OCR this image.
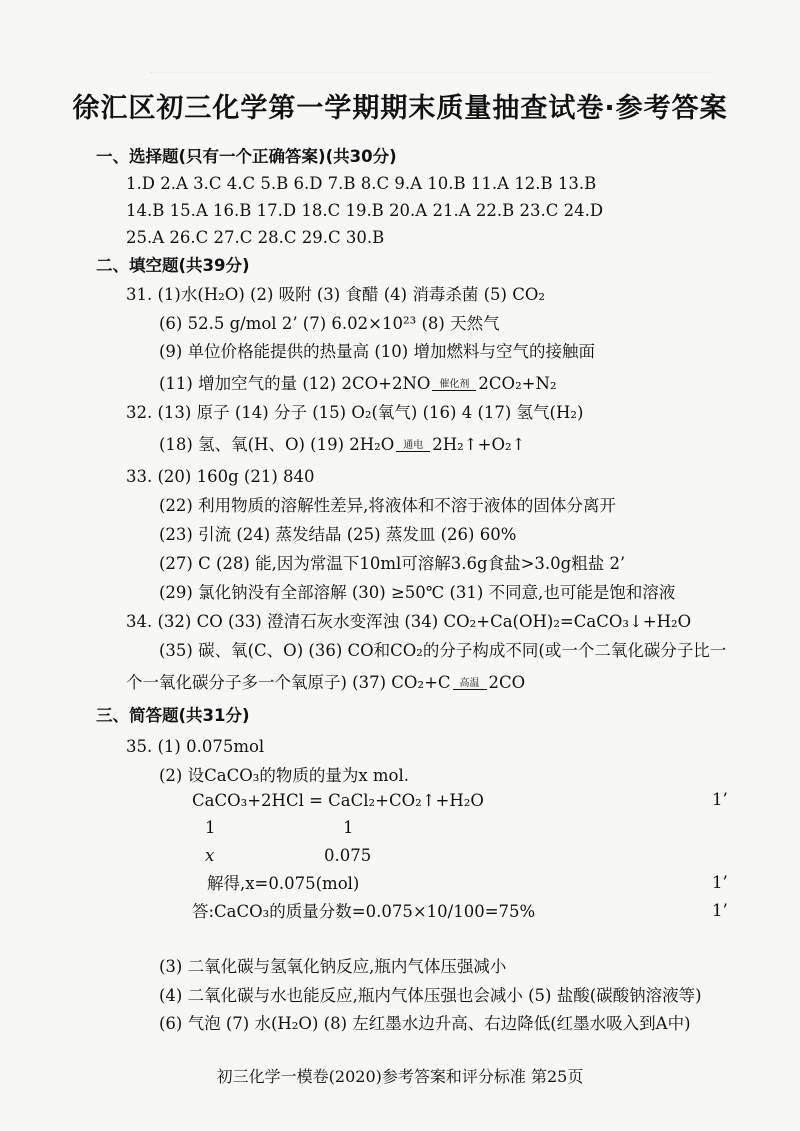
徐汇区初三化学第一学期期末质量抽查试卷·参考答案
一、选择题(只有一个正确答案)(共30分)
1.D 2.A 3.C 4.C 5.B 6.D 7.B 8.C 9.A 10.B 11.A 12.B 13.B
14.B 15.A 16.B 17.D 18.C 19.B 20.A 21.A 22.B 23.C 24.D
25.A 26.C 27.C 28.C 29.C 30.B
二、填空题(共39分)
31. (1)水(H₂O) (2) 吸附 (3) 食醋 (4) 消毒杀菌 (5) CO₂
(6) 52.5 g/mol 2’ (7) 6.02×10²³ (8) 天然气
(9) 单位价格能提供的热量高 (10) 增加燃料与空气的接触面
(11) 增加空气的量 (12) 2CO+2NO 催化剂 2CO₂+N₂
32. (13) 原子 (14) 分子 (15) O₂(氧气) (16) 4 (17) 氢气(H₂)
(18) 氢、氧(H、O) (19) 2H₂O 通电 2H₂↑+O₂↑
33. (20) 160g (21) 840
(22) 利用物质的溶解性差异,将液体和不溶于液体的固体分离开
(23) 引流 (24) 蒸发结晶 (25) 蒸发皿 (26) 60%
(27) C (28) 能,因为常温下10ml可溶解3.6g食盐>3.0g粗盐 2’
(29) 氯化钠没有全部溶解 (30) ≥50℃ (31) 不同意,也可能是饱和溶液
34. (32) CO (33) 澄清石灰水变浑浊 (34) CO₂+Ca(OH)₂=CaCO₃↓+H₂O
(35) 碳、氧(C、O) (36) CO和CO₂的分子构成不同(或一个二氧化碳分子比一
个一氧化碳分子多一个氧原子) (37) CO₂+C 高温 2CO
三、简答题(共31分)
35. (1) 0.075mol
(2) 设CaCO₃的物质的量为x mol.
CaCO₃+2HCl = CaCl₂+CO₂↑+H₂O	1’
1	1
x	0.075
解得,x=0.075(mol)	1’
答:CaCO₃的质量分数=0.075×10/100=75%	1’
(3) 二氧化碳与氢氧化钠反应,瓶内气体压强减小
(4) 二氧化碳与水也能反应,瓶内气体压强也会减小 (5) 盐酸(碳酸钠溶液等)
(6) 气泡 (7) 水(H₂O) (8) 左红墨水边升高、右边降低(红墨水吸入到A中)
初三化学一模卷(2020)参考答案和评分标准 第25页
